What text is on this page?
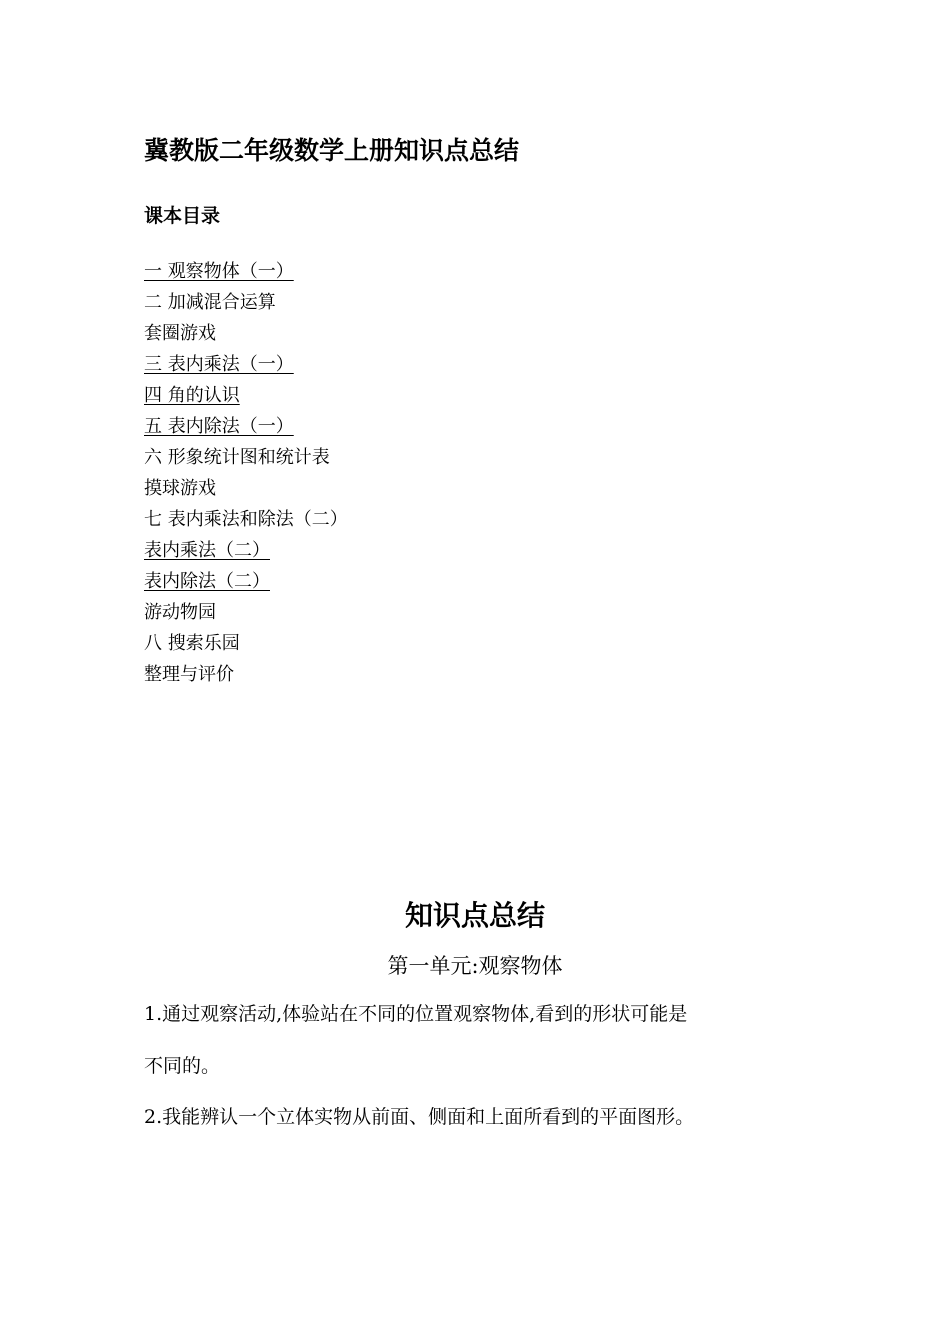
冀教版二年级数学上册知识点总结
课本目录
一 观察物体（一）
二 加减混合运算
套圈游戏
三 表内乘法（一）
四 角的认识
五 表内除法（一）
六 形象统计图和统计表
摸球游戏
七 表内乘法和除法（二）
表内乘法（二）
表内除法（二）
游动物园
八 搜索乐园
整理与评价
知识点总结
第一单元:观察物体
1.通过观察活动,体验站在不同的位置观察物体,看到的形状可能是
不同的。
2.我能辨认一个立体实物从前面、侧面和上面所看到的平面图形。
